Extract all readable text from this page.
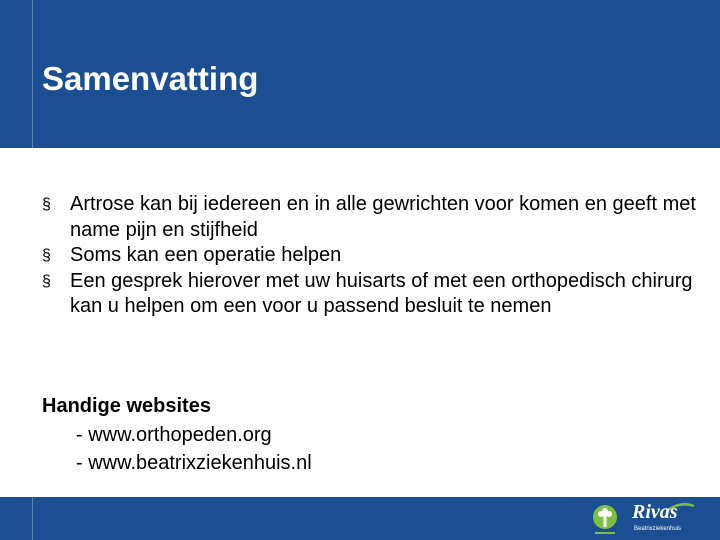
Samenvatting
§ Artrose kan bij iedereen en in alle gewrichten voor komen en geeft met name pijn en stijfheid
§ Soms kan een operatie helpen
§ Een gesprek hierover met uw huisarts of met een orthopedisch chirurg kan u helpen om een voor u passend besluit te nemen
Handige websites
- www.orthopeden.org
- www.beatrixziekenhuis.nl
Rivas
Beatrixziekenhuis
